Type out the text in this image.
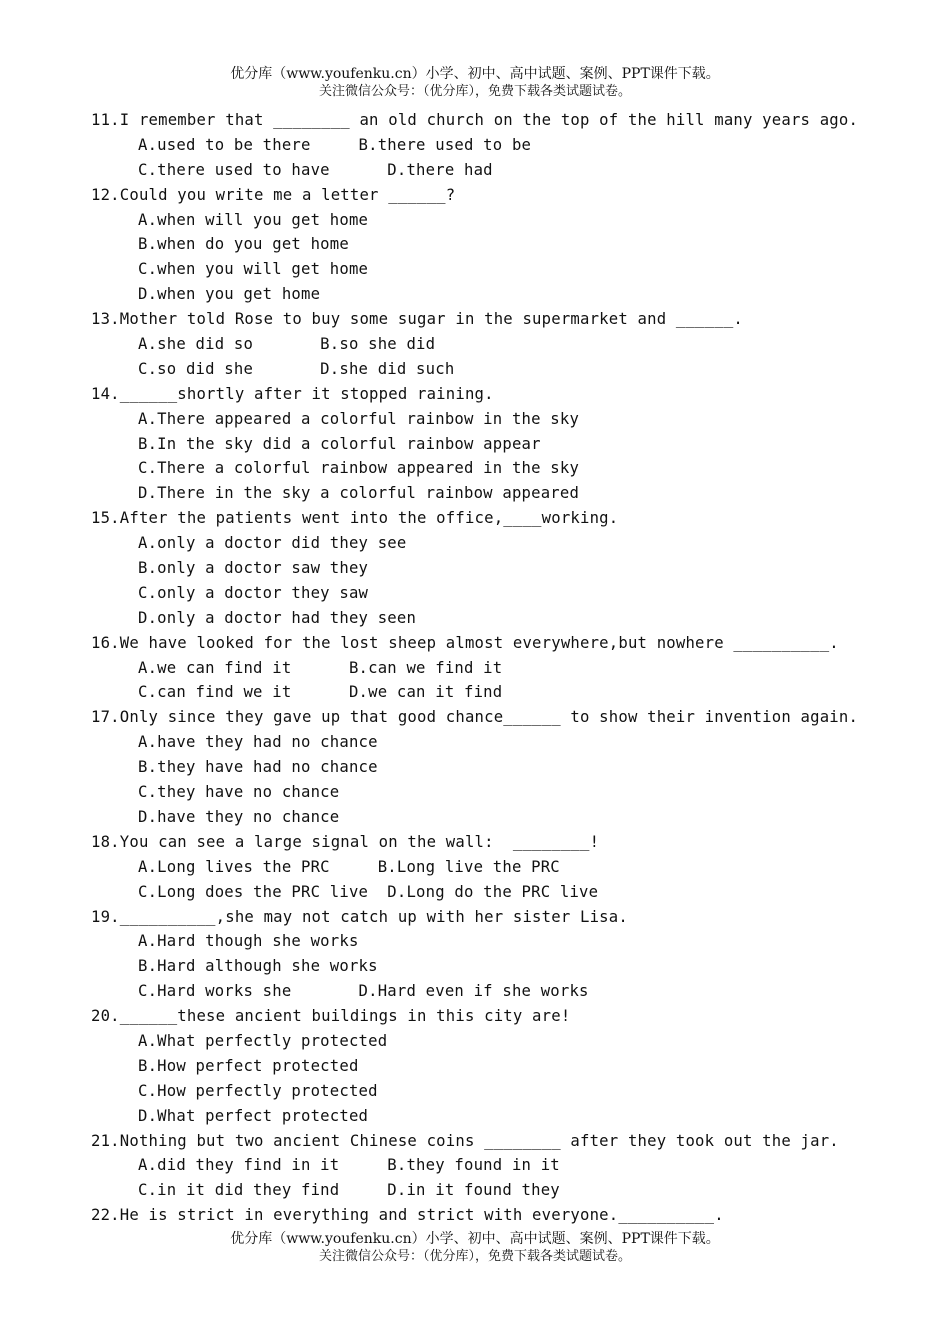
优分库（www.youfenku.cn）小学、初中、高中试题、案例、PPT课件下载。
关注微信公众号：（优分库），免费下载各类试题试卷。
11.I remember that ________ an old church on the top of the hill many years ago.
A.used to be there     B.there used to be
C.there used to have      D.there had
12.Could you write me a letter ______?
A.when will you get home
B.when do you get home
C.when you will get home
D.when you get home
13.Mother told Rose to buy some sugar in the supermarket and ______.
A.she did so       B.so she did
C.so did she       D.she did such
14.______shortly after it stopped raining.
A.There appeared a colorful rainbow in the sky
B.In the sky did a colorful rainbow appear
C.There a colorful rainbow appeared in the sky
D.There in the sky a colorful rainbow appeared
15.After the patients went into the office,____working.
A.only a doctor did they see
B.only a doctor saw they
C.only a doctor they saw
D.only a doctor had they seen
16.We have looked for the lost sheep almost everywhere,but nowhere __________.
A.we can find it      B.can we find it
C.can find we it      D.we can it find
17.Only since they gave up that good chance______ to show their invention again.
A.have they had no chance
B.they have had no chance
C.they have no chance
D.have they no chance
18.You can see a large signal on the wall:  ________!
A.Long lives the PRC     B.Long live the PRC
C.Long does the PRC live  D.Long do the PRC live
19.__________,she may not catch up with her sister Lisa.
A.Hard though she works
B.Hard although she works
C.Hard works she       D.Hard even if she works
20.______these ancient buildings in this city are!
A.What perfectly protected
B.How perfect protected
C.How perfectly protected
D.What perfect protected
21.Nothing but two ancient Chinese coins ________ after they took out the jar.
A.did they find in it     B.they found in it
C.in it did they find     D.in it found they
22.He is strict in everything and strict with everyone.__________.
优分库（www.youfenku.cn）小学、初中、高中试题、案例、PPT课件下载。
关注微信公众号：（优分库），免费下载各类试题试卷。
